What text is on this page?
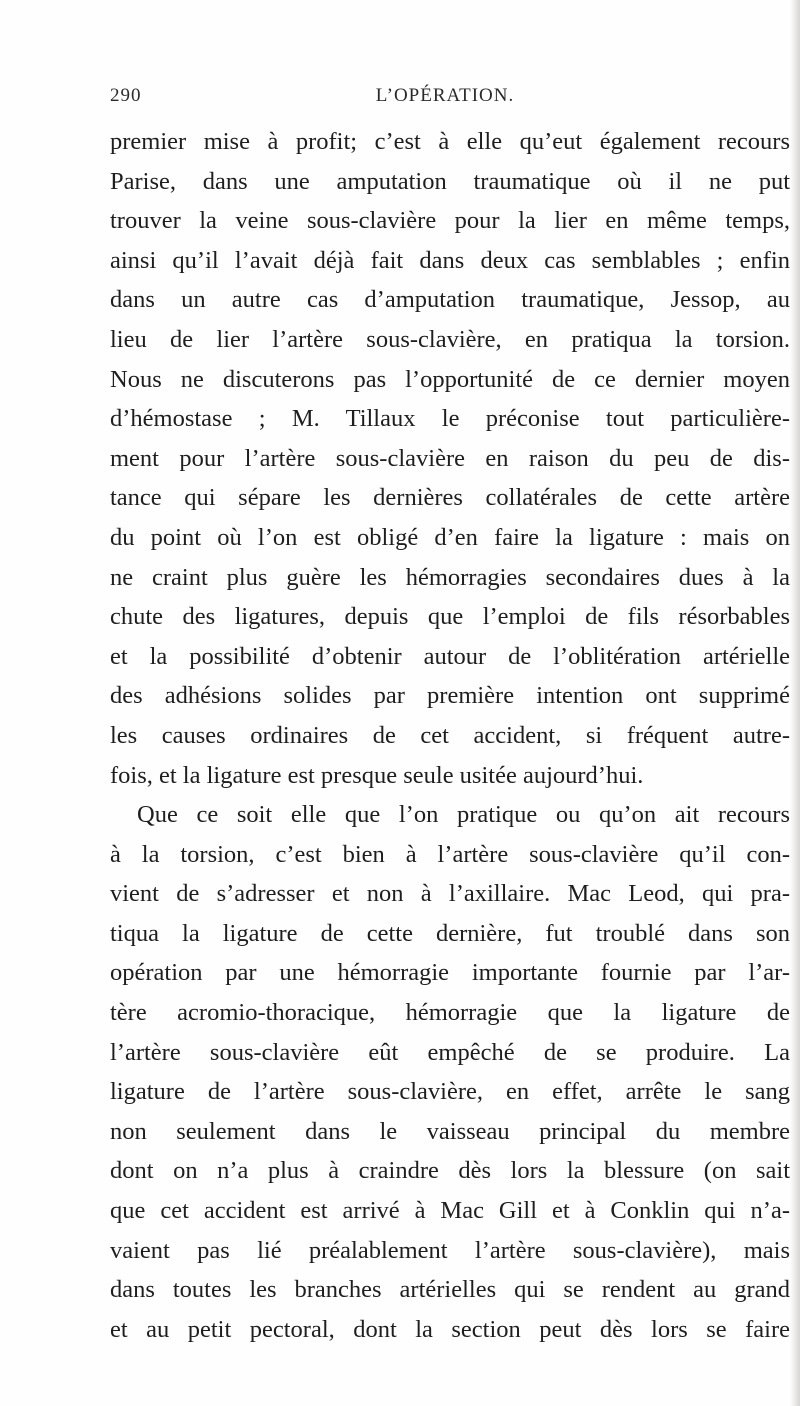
290	L’OPÉRATION.
premier mise à profit; c’est à elle qu’eut également recours
Parise, dans une amputation traumatique où il ne put
trouver la veine sous-clavière pour la lier en même temps,
ainsi qu’il l’avait déjà fait dans deux cas semblables ; enfin
dans un autre cas d’amputation traumatique, Jessop, au
lieu de lier l’artère sous-clavière, en pratiqua la torsion.
Nous ne discuterons pas l’opportunité de ce dernier moyen
d’hémostase ; M. Tillaux le préconise tout particulière-
ment pour l’artère sous-clavière en raison du peu de dis-
tance qui sépare les dernières collatérales de cette artère
du point où l’on est obligé d’en faire la ligature : mais on
ne craint plus guère les hémorragies secondaires dues à la
chute des ligatures, depuis que l’emploi de fils résorbables
et la possibilité d’obtenir autour de l’oblitération artérielle
des adhésions solides par première intention ont supprimé
les causes ordinaires de cet accident, si fréquent autre-
fois, et la ligature est presque seule usitée aujourd’hui.
Que ce soit elle que l’on pratique ou qu’on ait recours
à la torsion, c’est bien à l’artère sous-clavière qu’il con-
vient de s’adresser et non à l’axillaire. Mac Leod, qui pra-
tiqua la ligature de cette dernière, fut troublé dans son
opération par une hémorragie importante fournie par l’ar-
tère acromio-thoracique, hémorragie que la ligature de
l’artère sous-clavière eût empêché de se produire. La
ligature de l’artère sous-clavière, en effet, arrête le sang
non seulement dans le vaisseau principal du membre
dont on n’a plus à craindre dès lors la blessure (on sait
que cet accident est arrivé à Mac Gill et à Conklin qui n’a-
vaient pas lié préalablement l’artère sous-clavière), mais
dans toutes les branches artérielles qui se rendent au grand
et au petit pectoral, dont la section peut dès lors se faire
